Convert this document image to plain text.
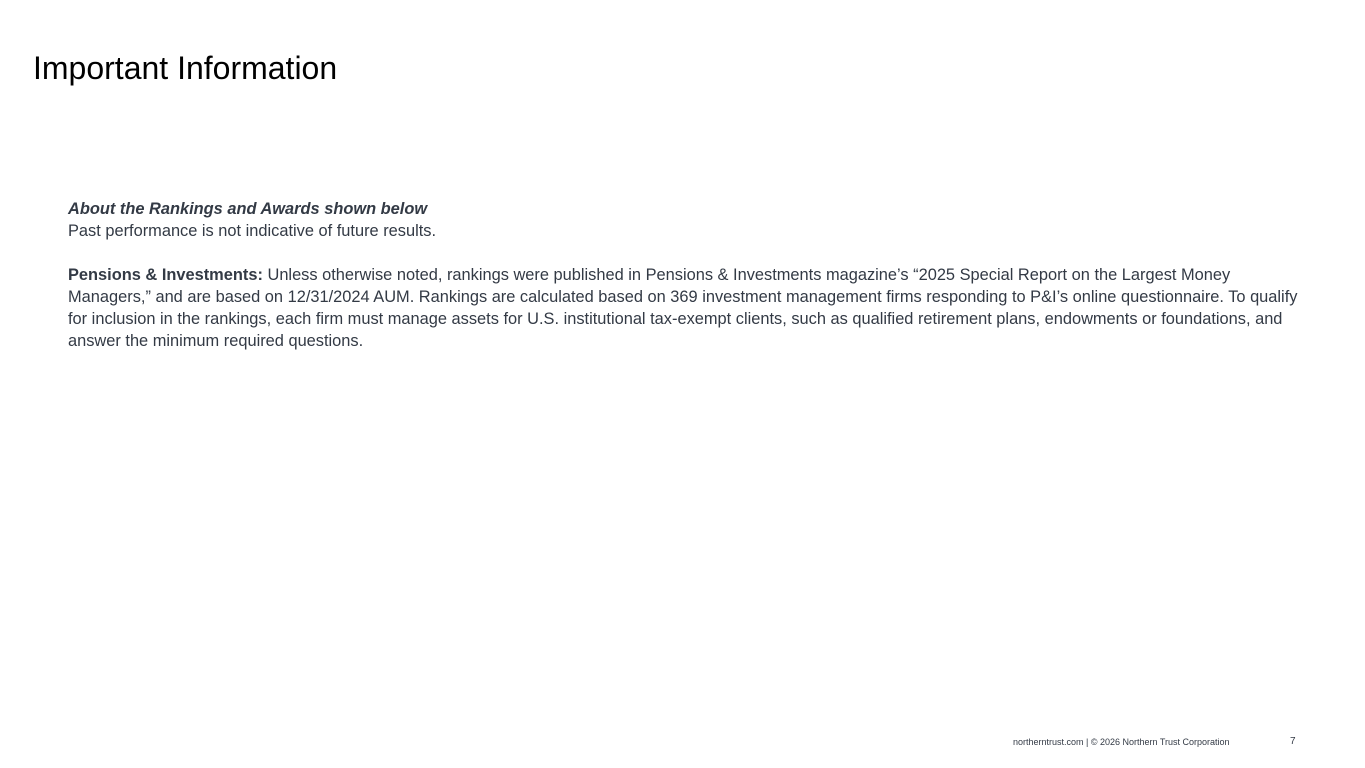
Important Information

About the Rankings and Awards shown below

Past performance is not indicative of future results.

Pensions & Investments: Unless otherwise noted, rankings were published in Pensions & Investments magazine’s “2025 Special Report on the Largest Money Managers,” and are based on 12/31/2024 AUM. Rankings are calculated based on 369 investment management firms responding to P&I’s online questionnaire. To qualify for inclusion in the rankings, each firm must manage assets for U.S. institutional tax-exempt clients, such as qualified retirement plans, endowments or foundations, and answer the minimum required questions.

northerntrust.com | © 2026 Northern Trust Corporation	7
